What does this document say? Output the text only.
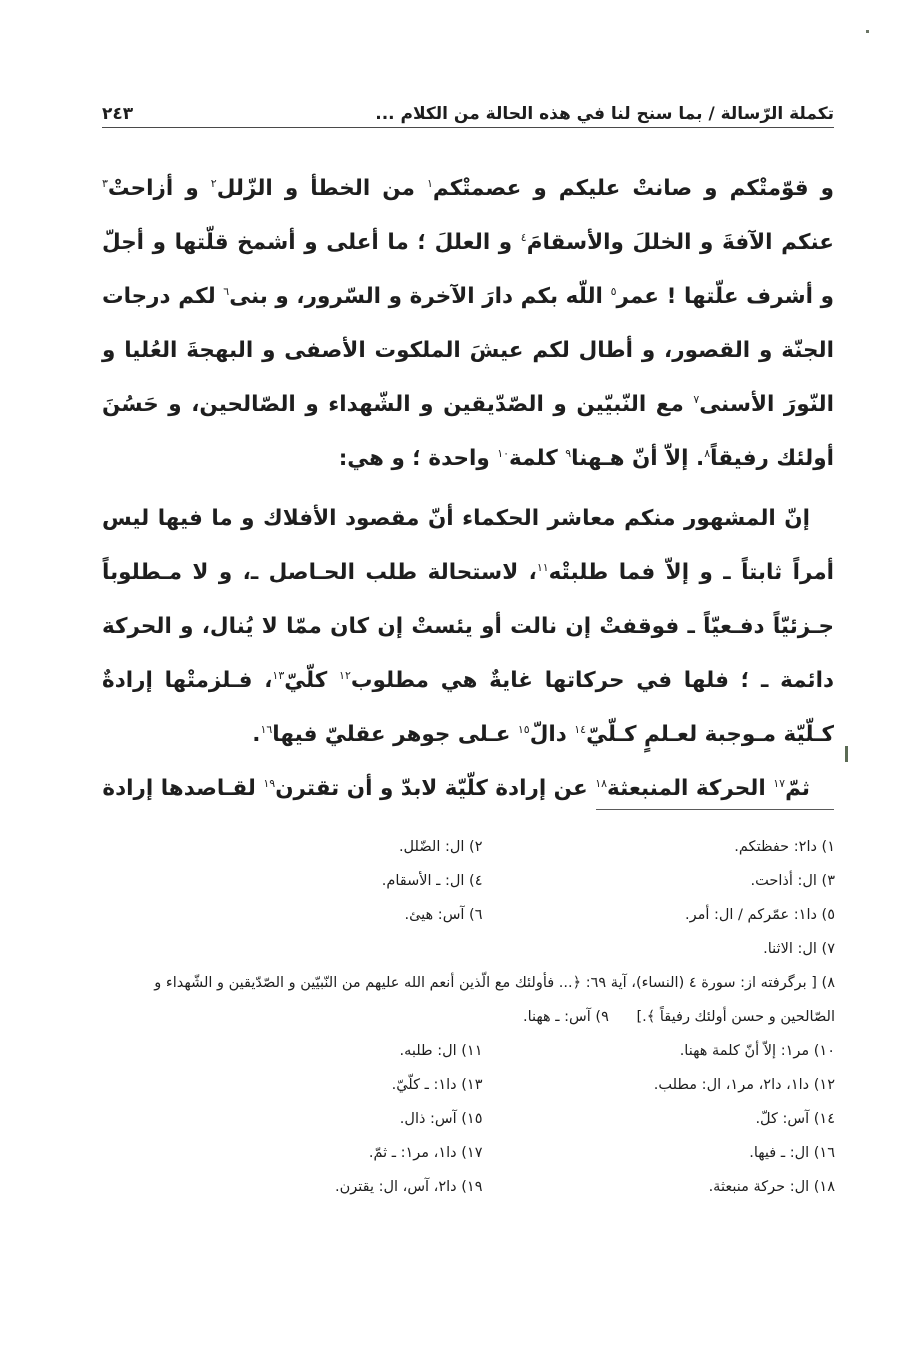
تكملة الرّسالة / بما سنح لنا في هذه الحالة من الكلام ...
٢٤٣

و قوّمتْكم و صانتْ عليكم و عصمتْكم$^١$ من الخطأ و الزّلل$^٢$ و أزاحتْ$^٣$ عنكم الآفةَ و الخللَ والأسقامَ$^٤$ و العللَ ؛ ما أعلى و أشمخ قلّتها و أجلّ و أشرف علّتها ! عمر$^٥$ اللّه بكم دارَ الآخرة و السّرور، و بنى$^٦$ لكم درجات الجنّة و القصور، و أطال لكم عيشَ الملكوت الأصفى و البهجةَ العُليا و النّورَ الأسنى$^٧$ مع النّبيّين و الصّدّيقين و الشّهداء و الصّالحين، و حَسُنَ أولئك رفيقاً$^٨$. إلاّ أنّ هـهنا$^٩$ كلمة$^{١٠}$ واحدة ؛ و هي:

إنّ المشهور منكم معاشر الحكماء أنّ مقصود الأفلاك و ما فيها ليس أمراً ثابتاً ـ و إلاّ فما طلبتْه$^{١١}$، لاستحالة طلب الحـاصل ـ، و لا مـطلوباً جـزئيّاً دفـعيّاً ـ فوقفتْ إن نالت أو يئستْ إن كان ممّا لا يُنال، و الحركة دائمة ـ ؛ فلها في حركاتها غايةٌ هي مطلوب$^{١٢}$ كلّيّ$^{١٣}$، فـلزمتْها إرادةٌ كـلّيّة مـوجبة لعـلمٍ كـلّيّ$^{١٤}$ دالّ$^{١٥}$ عـلى جوهر عقليّ فيها$^{١٦}$.

ثمّ$^{١٧}$ الحركة المنبعثة$^{١٨}$ عن إرادة كلّيّة لابدّ و أن تقترن$^{١٩}$ لقـاصدها إرادة

١) دا٢: حفظتكم.
٢) ال: الضّلل.
٣) ال: أذاحت.
٤) ال: ـ الأسقام.
٥) دا١: عمّركم / ال: أمر.
٦) آس: هيئ.
٧) ال: الاثنا.
٨) [ برگرفته از: سورة ٤ (النساء)، آية ٦٩: ﴿... فأولئك مع الّذين أنعم الله عليهم من النّبيّين و الصّدّيقين و الشّهداء و الصّالحين و حسن أولئك رفيقاً ﴾.]      ٩) آس: ـ ههنا.
١٠) مر١: إلاّ أنّ كلمة ههنا.
١١) ال: طلبه.
١٢) دا١، دا٢، مر١، ال: مطلب.
١٣) دا١: ـ كلّيّ.
١٤) آس: كلّ.
١٥) آس: ذال.
١٦) ال: ـ فيها.
١٧) دا١، مر١: ـ ثمّ.
١٨) ال: حركة منبعثة.
١٩) دا٢، آس، ال: يقترن.
